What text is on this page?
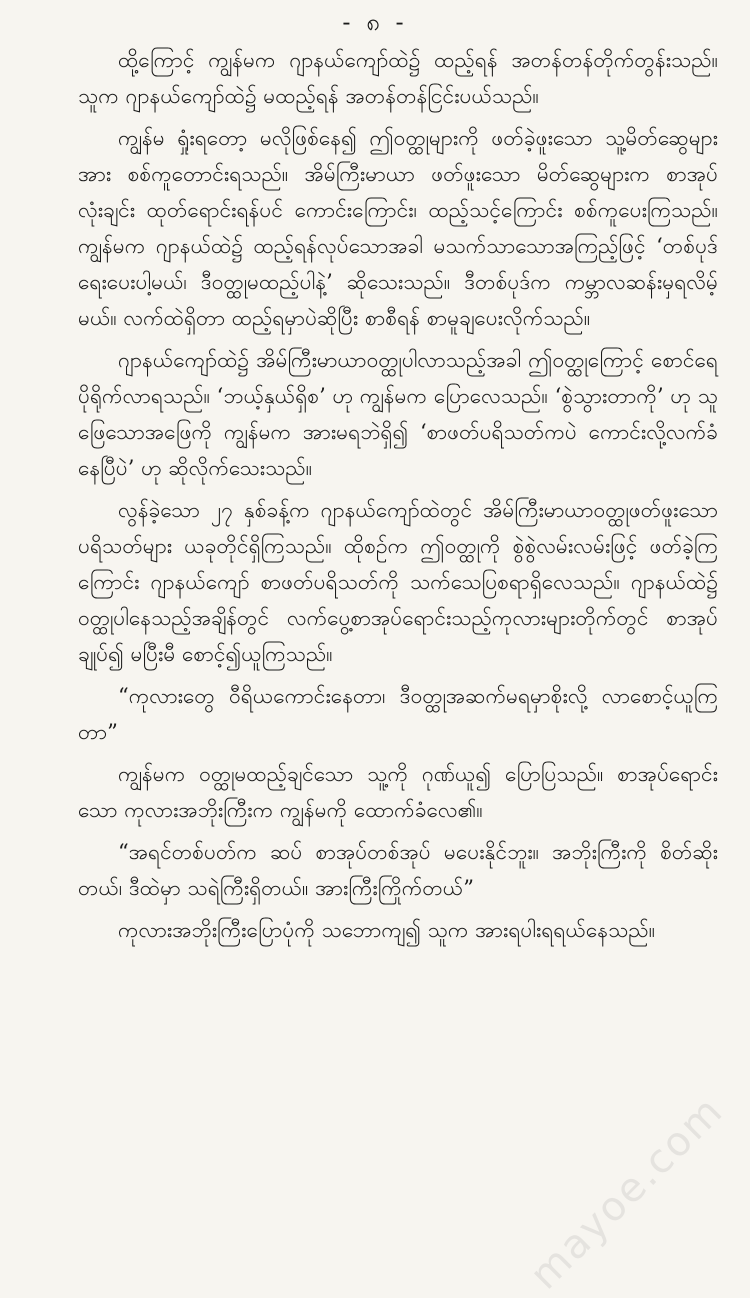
- ၈ -

ထို့ကြောင့် ကျွန်မက ဂျာနယ်ကျော်ထဲ၌ ထည့်ရန် အတန်တန်တိုက်တွန်းသည်။ သူက ဂျာနယ်ကျော်ထဲ၌ မထည့်ရန် အတန်တန်ငြင်းပယ်သည်။

ကျွန်မ ရှုံးရတော့ မလိုဖြစ်နေ၍ ဤဝတ္ထုများကို ဖတ်ခဲ့ဖူးသော သူ့မိတ်ဆွေများအား စစ်ကူတောင်းရသည်။ အိမ်ကြီးမာယာ ဖတ်ဖူးသော မိတ်ဆွေများက စာအုပ်လုံးချင်း ထုတ်ရောင်းရန်ပင် ကောင်းကြောင်း၊ ထည့်သင့်ကြောင်း စစ်ကူပေးကြသည်။ ကျွန်မက ဂျာနယ်ထဲ၌ ထည့်ရန်လုပ်သောအခါ မသက်သာသောအကြည့်ဖြင့် ‘တစ်ပုဒ်ရေးပေးပါ့မယ်၊ ဒီဝတ္ထုမထည့်ပါနဲ့’ ဆိုသေးသည်။ ဒီတစ်ပုဒ်က ကမ္ဘာလဆန်းမှရလိမ့်မယ်။ လက်ထဲရှိတာ ထည့်ရမှာပဲဆိုပြီး စာစီရန် စာမူချပေးလိုက်သည်။

ဂျာနယ်ကျော်ထဲ၌ အိမ်ကြီးမာယာဝတ္ထုပါလာသည့်အခါ ဤဝတ္ထုကြောင့် စောင်ရေပိုရိုက်လာရသည်။ ‘ဘယ့်နှယ်ရှိစ’ ဟု ကျွန်မက ပြောလေသည်။ ‘စွဲသွားတာကို’ ဟု သူဖြေသောအဖြေကို ကျွန်မက အားမရဘဲရှိ၍ ‘စာဖတ်ပရိသတ်ကပဲ ကောင်းလို့လက်ခံနေပြီပဲ’ ဟု ဆိုလိုက်သေးသည်။

လွန်ခဲ့သော ၂၇ နှစ်ခန့်က ဂျာနယ်ကျော်ထဲတွင် အိမ်ကြီးမာယာဝတ္ထုဖတ်ဖူးသော ပရိသတ်များ ယခုတိုင်ရှိကြသည်။ ထိုစဉ်က ဤဝတ္ထုကို စွဲစွဲလမ်းလမ်းဖြင့် ဖတ်ခဲ့ကြကြောင်း ဂျာနယ်ကျော် စာဖတ်ပရိသတ်ကို သက်သေပြစရာရှိလေသည်။ ဂျာနယ်ထဲ၌ ဝတ္ထုပါနေသည့်အချိန်တွင် လက်ပွေ့စာအုပ်ရောင်းသည့်ကုလားများတိုက်တွင် စာအုပ်ချုပ်၍ မပြီးမီ စောင့်၍ယူကြသည်။

“ကုလားတွေ ဝီရိယကောင်းနေတာ၊ ဒီဝတ္ထုအဆက်မရမှာစိုးလို့ လာစောင့်ယူကြတာ”

ကျွန်မက ဝတ္ထုမထည့်ချင်သော သူ့ကို ဂုဏ်ယူ၍ ပြောပြသည်။ စာအုပ်ရောင်းသော ကုလားအဘိုးကြီးက ကျွန်မကို ထောက်ခံလေ၏။

“အရင်တစ်ပတ်က ဆပ် စာအုပ်တစ်အုပ် မပေးနိုင်ဘူး။ အဘိုးကြီးကို စိတ်ဆိုးတယ်၊ ဒီထဲမှာ သရဲကြီးရှိတယ်။ အားကြီးကြိုက်တယ်”

ကုလားအဘိုးကြီးပြောပုံကို သဘောကျ၍ သူက အားရပါးရရယ်နေသည်။

mayoe.com
